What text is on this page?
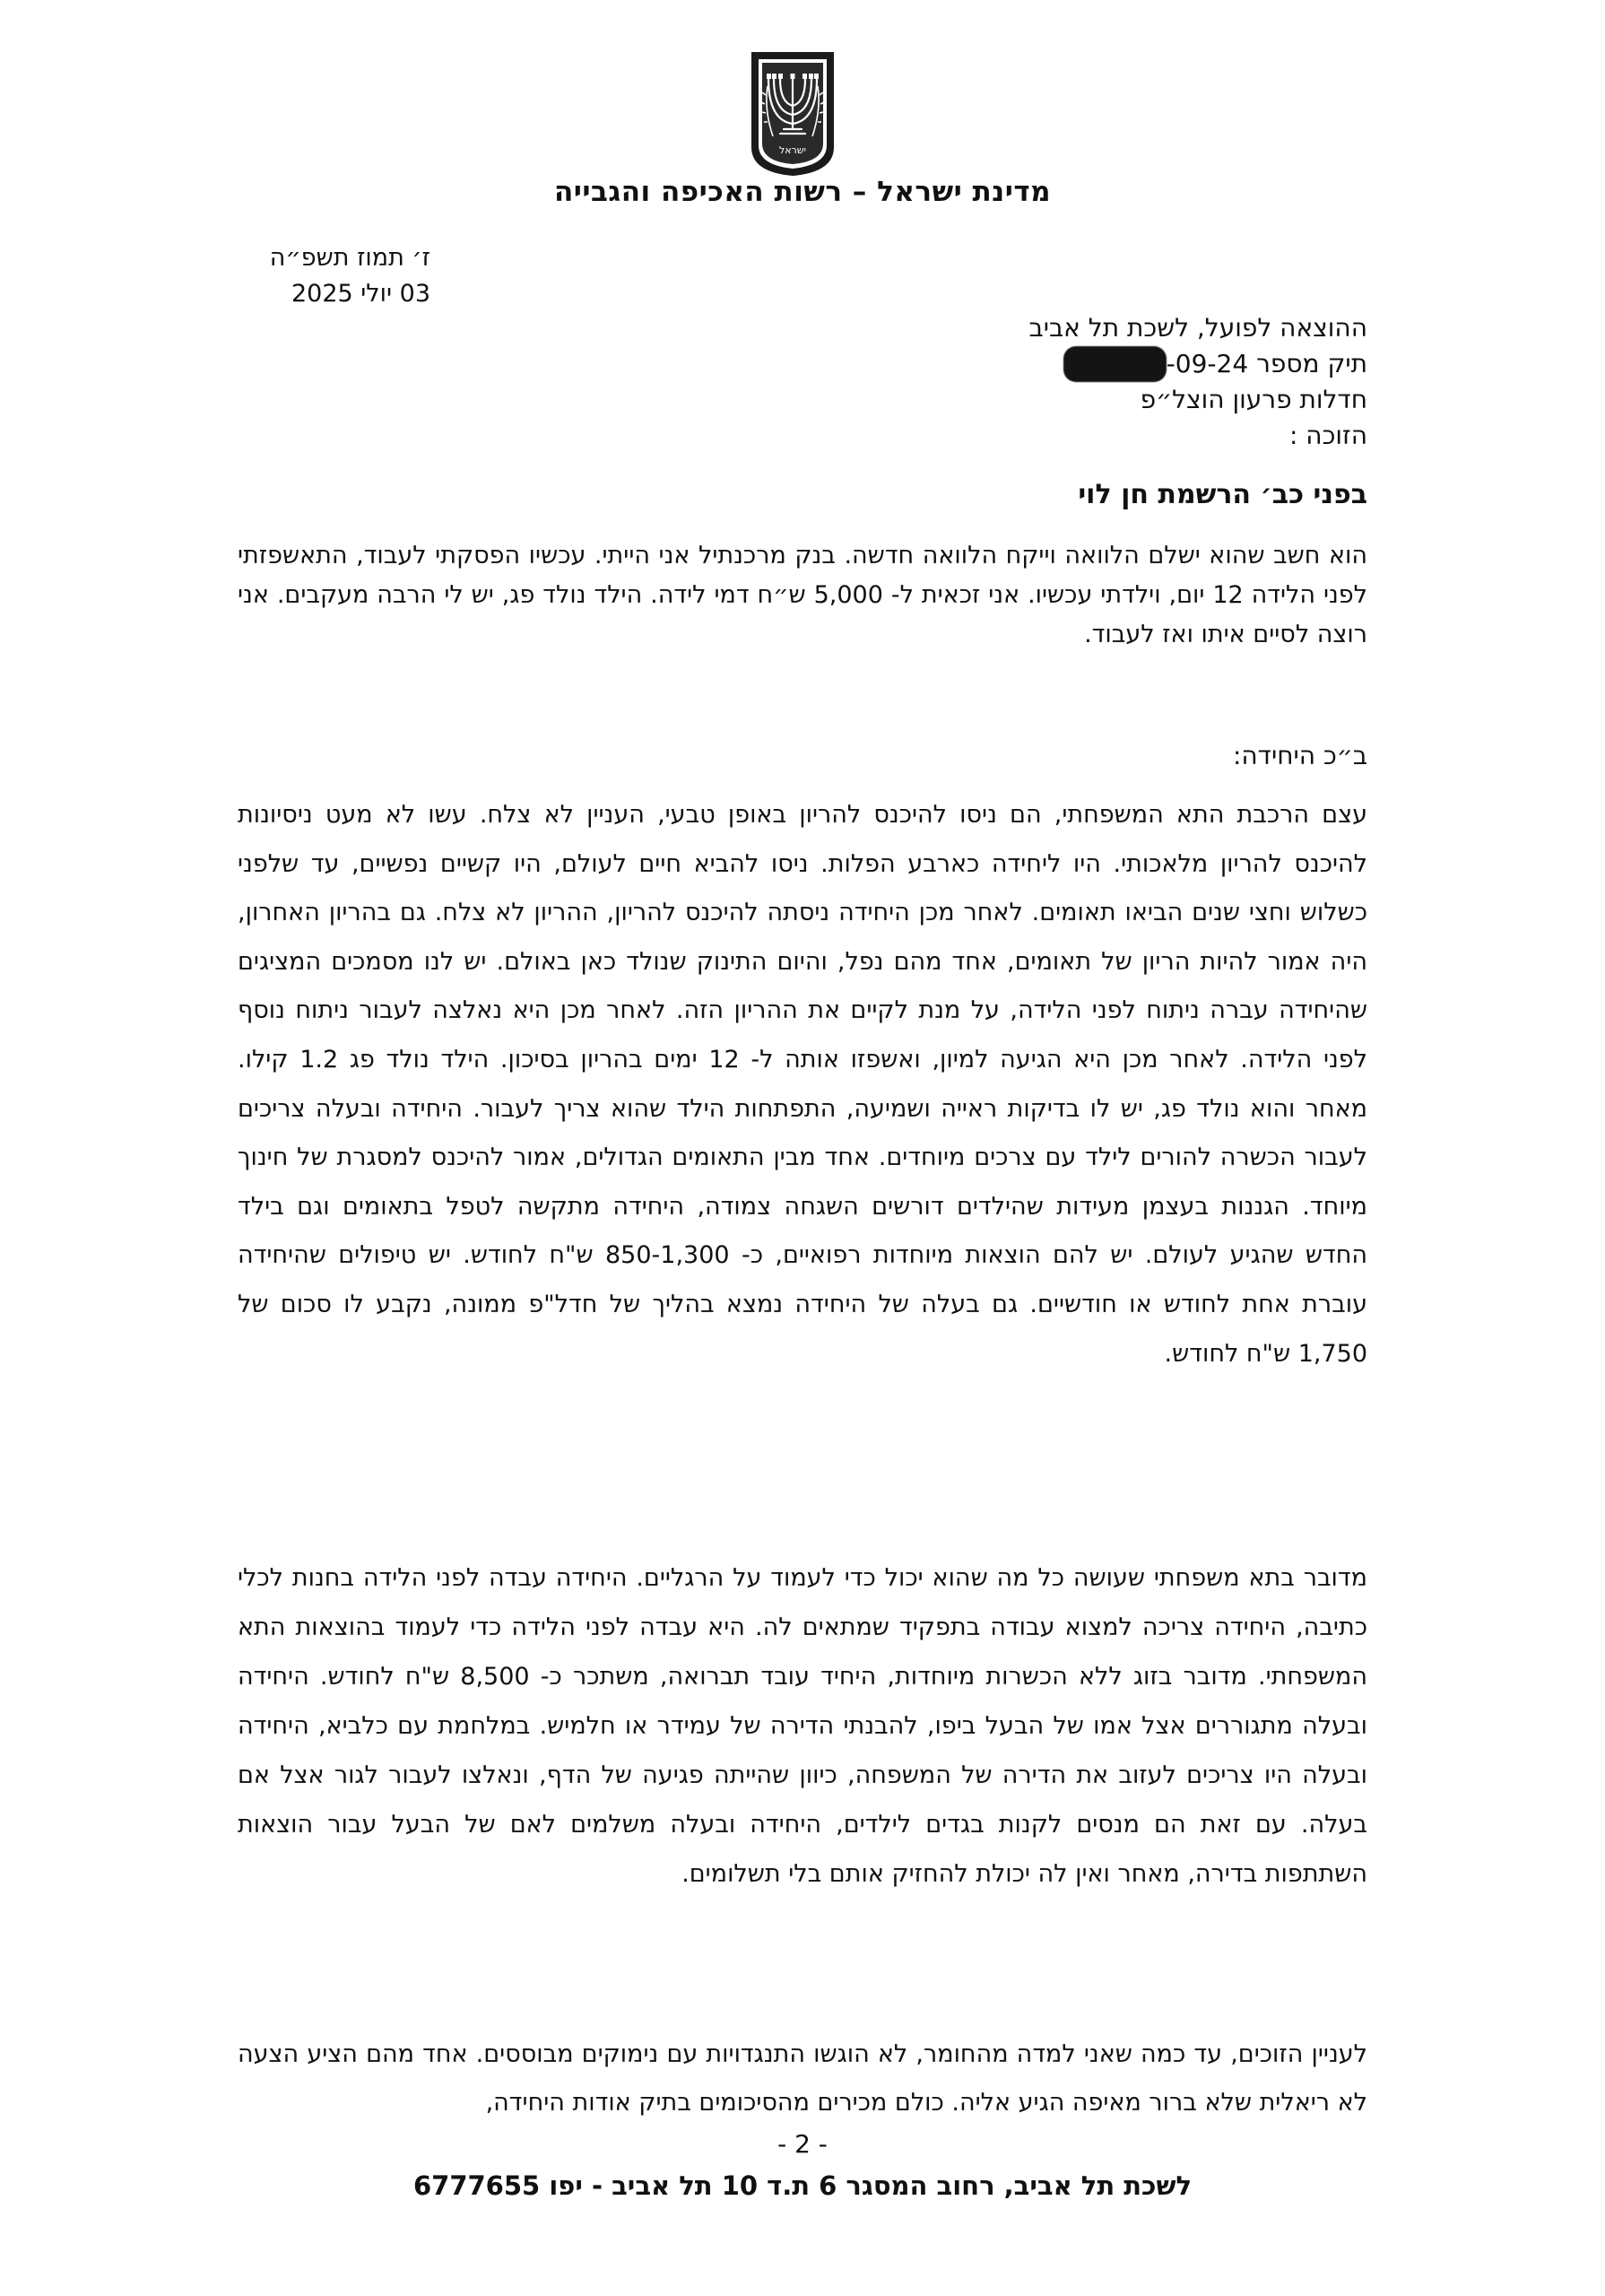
ישראל
מדינת ישראל – רשות האכיפה והגבייה
ז׳ תמוז תשפ״ה
03 יולי 2025
ההוצאה לפועל, לשכת תל אביב
תיק מספר -09-24
חדלות פרעון הוצל״פ
הזוכה :
בפני כב׳ הרשמת חן לוי

הוא חשב שהוא ישלם הלוואה וייקח הלוואה חדשה. בנק מרכנתיל אני הייתי. עכשיו הפסקתי לעבוד, התאשפזתי לפני הלידה 12 יום, וילדתי עכשיו. אני זכאית ל- 5,000 ש״ח דמי לידה. הילד נולד פג, יש לי הרבה מעקבים. אני רוצה לסיים איתו ואז לעבוד.

ב״כ היחידה:

עצם הרכבת התא המשפחתי, הם ניסו להיכנס להריון באופן טבעי, העניין לא צלח. עשו לא מעט ניסיונות להיכנס להריון מלאכותי. היו ליחידה כארבע הפלות. ניסו להביא חיים לעולם, היו קשיים נפשיים, עד שלפני כשלוש וחצי שנים הביאו תאומים. לאחר מכן היחידה ניסתה להיכנס להריון, ההריון לא צלח. גם בהריון האחרון, היה אמור להיות הריון של תאומים, אחד מהם נפל, והיום התינוק שנולד כאן באולם. יש לנו מסמכים המציגים שהיחידה עברה ניתוח לפני הלידה, על מנת לקיים את ההריון הזה. לאחר מכן היא נאלצה לעבור ניתוח נוסף לפני הלידה. לאחר מכן היא הגיעה למיון, ואשפזו אותה ל- 12 ימים בהריון בסיכון. הילד נולד פג 1.2 קילו. מאחר והוא נולד פג, יש לו בדיקות ראייה ושמיעה, התפתחות הילד שהוא צריך לעבור. היחידה ובעלה צריכים לעבור הכשרה להורים לילד עם צרכים מיוחדים. אחד מבין התאומים הגדולים, אמור להיכנס למסגרת של חינוך מיוחד. הגננות בעצמן מעידות שהילדים דורשים השגחה צמודה, היחידה מתקשה לטפל בתאומים וגם בילד החדש שהגיע לעולם. יש להם הוצאות מיוחדות רפואיים, כ- 850-1,300 ש"ח לחודש. יש טיפולים שהיחידה עוברת אחת לחודש או חודשיים. גם בעלה של היחידה נמצא בהליך של חדל"פ ממונה, נקבע לו סכום של 1,750 ש"ח לחודש.

מדובר בתא משפחתי שעושה כל מה שהוא יכול כדי לעמוד על הרגליים. היחידה עבדה לפני הלידה בחנות לכלי כתיבה, היחידה צריכה למצוא עבודה בתפקיד שמתאים לה. היא עבדה לפני הלידה כדי לעמוד בהוצאות התא המשפחתי. מדובר בזוג ללא הכשרות מיוחדות, היחיד עובד תברואה, משתכר כ- 8,500 ש"ח לחודש. היחידה ובעלה מתגוררים אצל אמו של הבעל ביפו, להבנתי הדירה של עמידר או חלמיש. במלחמת עם כלביא, היחידה ובעלה היו צריכים לעזוב את הדירה של המשפחה, כיוון שהייתה פגיעה של הדף, ונאלצו לעבור לגור אצל אם בעלה. עם זאת הם מנסים לקנות בגדים לילדים, היחידה ובעלה משלמים לאם של הבעל עבור הוצאות השתתפות בדירה, מאחר ואין לה יכולת להחזיק אותם בלי תשלומים.

לעניין הזוכים, עד כמה שאני למדה מהחומר, לא הוגשו התנגדויות עם נימוקים מבוססים. אחד מהם הציע הצעה לא ריאלית שלא ברור מאיפה הגיע אליה. כולם מכירים מהסיכומים בתיק אודות היחידה,

- 2 -
לשכת תל אביב, רחוב המסגר 6 ת.ד 10 תל אביב - יפו 6777655
